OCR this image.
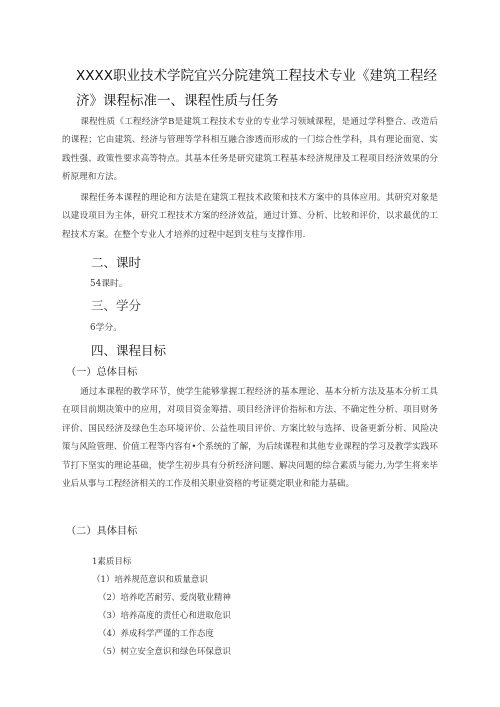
XXXX职业技术学院宜兴分院建筑工程技术专业《建筑工程经济》课程标准一、课程性质与任务
课程性质《工程经济学B是建筑工程技术专业的专业学习领域课程，是通过学科整合、改造后的课程；它由建筑、经济与管理等学科相互融合渗透而形成的一门综合性学科，具有理论面宽、实践性强、政策性要求高等特点。其基本任务是研究建筑工程基本经济规律及工程项目经济效果的分析原理和方法。
课程任务本课程的理论和方法是在建筑工程技术政策和技术方案中的具体应用。其研究对象是以建设项目为主体，研究工程技术方案的经济效益，通过计算、分析、比较和评价，以求最优的工程技术方案。在整个专业人才培养的过程中起到支柱与支撑作用.
二、课时
54课时。
三、学分
6学分。
四、课程目标
（一）总体目标
通过本课程的教学环节，使学生能够掌握工程经济的基本理论、基本分析方法及基本分析工具在项目前期决策中的应用，对项目资金筹措、项目经济评价指标和方法、不确定性分析、项目财务评价、国民经济及绿色生态环境评价、公益性项目评价、方案比较与选择、设备更新分析、风险决策与风险管理、价值工程等内容有•个系统的了解，为后续课程和其他专业课程的学习及教学实践环节打下坚实的理论基础，使学生初步具有分析经济问题、解决问题的综合素质与能力,为学生将来毕业后从事与工程经济相关的工作及相关职业资格的考证奠定职业和能力基础。
（二）具体目标
1素质目标
（1）培养规范意识和质量意识
（2）培养吃苦耐劳、爱岗敬业精神
（3）培养高度的责任心和进取危识
（4）养成科学严谨的工作态度
（5）树立安全意识和绿色环保意识
